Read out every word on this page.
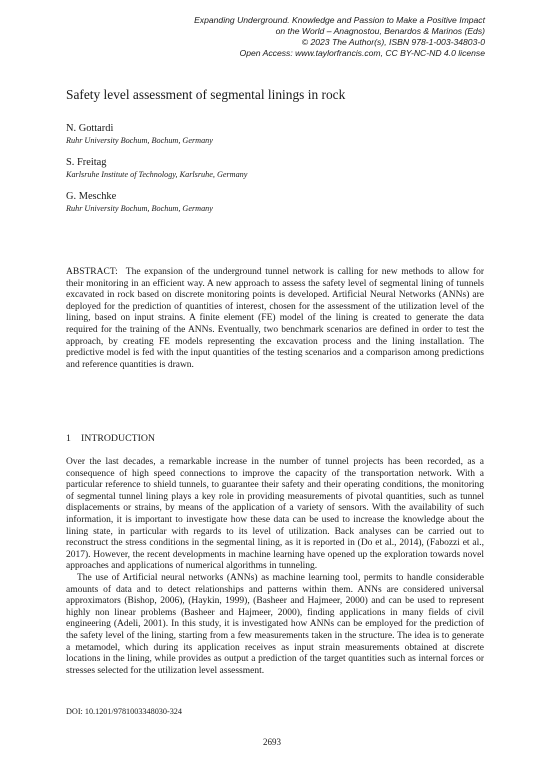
Expanding Underground. Knowledge and Passion to Make a Positive Impact
on the World – Anagnostou, Benardos & Marinos (Eds)
© 2023 The Author(s), ISBN 978-1-003-34803-0
Open Access: www.taylorfrancis.com, CC BY-NC-ND 4.0 license
Safety level assessment of segmental linings in rock
N. Gottardi
Ruhr University Bochum, Bochum, Germany
S. Freitag
Karlsruhe Institute of Technology, Karlsruhe, Germany
G. Meschke
Ruhr University Bochum, Bochum, Germany
ABSTRACT: The expansion of the underground tunnel network is calling for new methods to allow for their monitoring in an efficient way. A new approach to assess the safety level of segmental lining of tunnels excavated in rock based on discrete monitoring points is developed. Artificial Neural Networks (ANNs) are deployed for the prediction of quantities of interest, chosen for the assessment of the utilization level of the lining, based on input strains. A finite element (FE) model of the lining is created to generate the data required for the training of the ANNs. Eventually, two benchmark scenarios are defined in order to test the approach, by creating FE models representing the excavation process and the lining installation. The predictive model is fed with the input quantities of the testing scenarios and a comparison among predictions and reference quantities is drawn.
1 INTRODUCTION

Over the last decades, a remarkable increase in the number of tunnel projects has been recorded, as a consequence of high speed connections to improve the capacity of the transportation network. With a particular reference to shield tunnels, to guarantee their safety and their operating conditions, the monitoring of segmental tunnel lining plays a key role in providing measurements of pivotal quantities, such as tunnel displacements or strains, by means of the application of a variety of sensors. With the availability of such information, it is important to investigate how these data can be used to increase the knowledge about the lining state, in particular with regards to its level of utilization. Back analyses can be carried out to reconstruct the stress conditions in the segmental lining, as it is reported in (Do et al., 2014), (Fabozzi et al., 2017). However, the recent developments in machine learning have opened up the exploration towards novel approaches and applications of numerical algorithms in tunneling.

The use of Artificial neural networks (ANNs) as machine learning tool, permits to handle considerable amounts of data and to detect relationships and patterns within them. ANNs are considered universal approximators (Bishop, 2006), (Haykin, 1999), (Basheer and Hajmeer, 2000) and can be used to represent highly non linear problems (Basheer and Hajmeer, 2000), finding applications in many fields of civil engineering (Adeli, 2001). In this study, it is investigated how ANNs can be employed for the prediction of the safety level of the lining, starting from a few measurements taken in the structure. The idea is to generate a metamodel, which during its application receives as input strain measurements obtained at discrete locations in the lining, while provides as output a prediction of the target quantities such as internal forces or stresses selected for the utilization level assessment.

DOI: 10.1201/9781003348030-324
2693
